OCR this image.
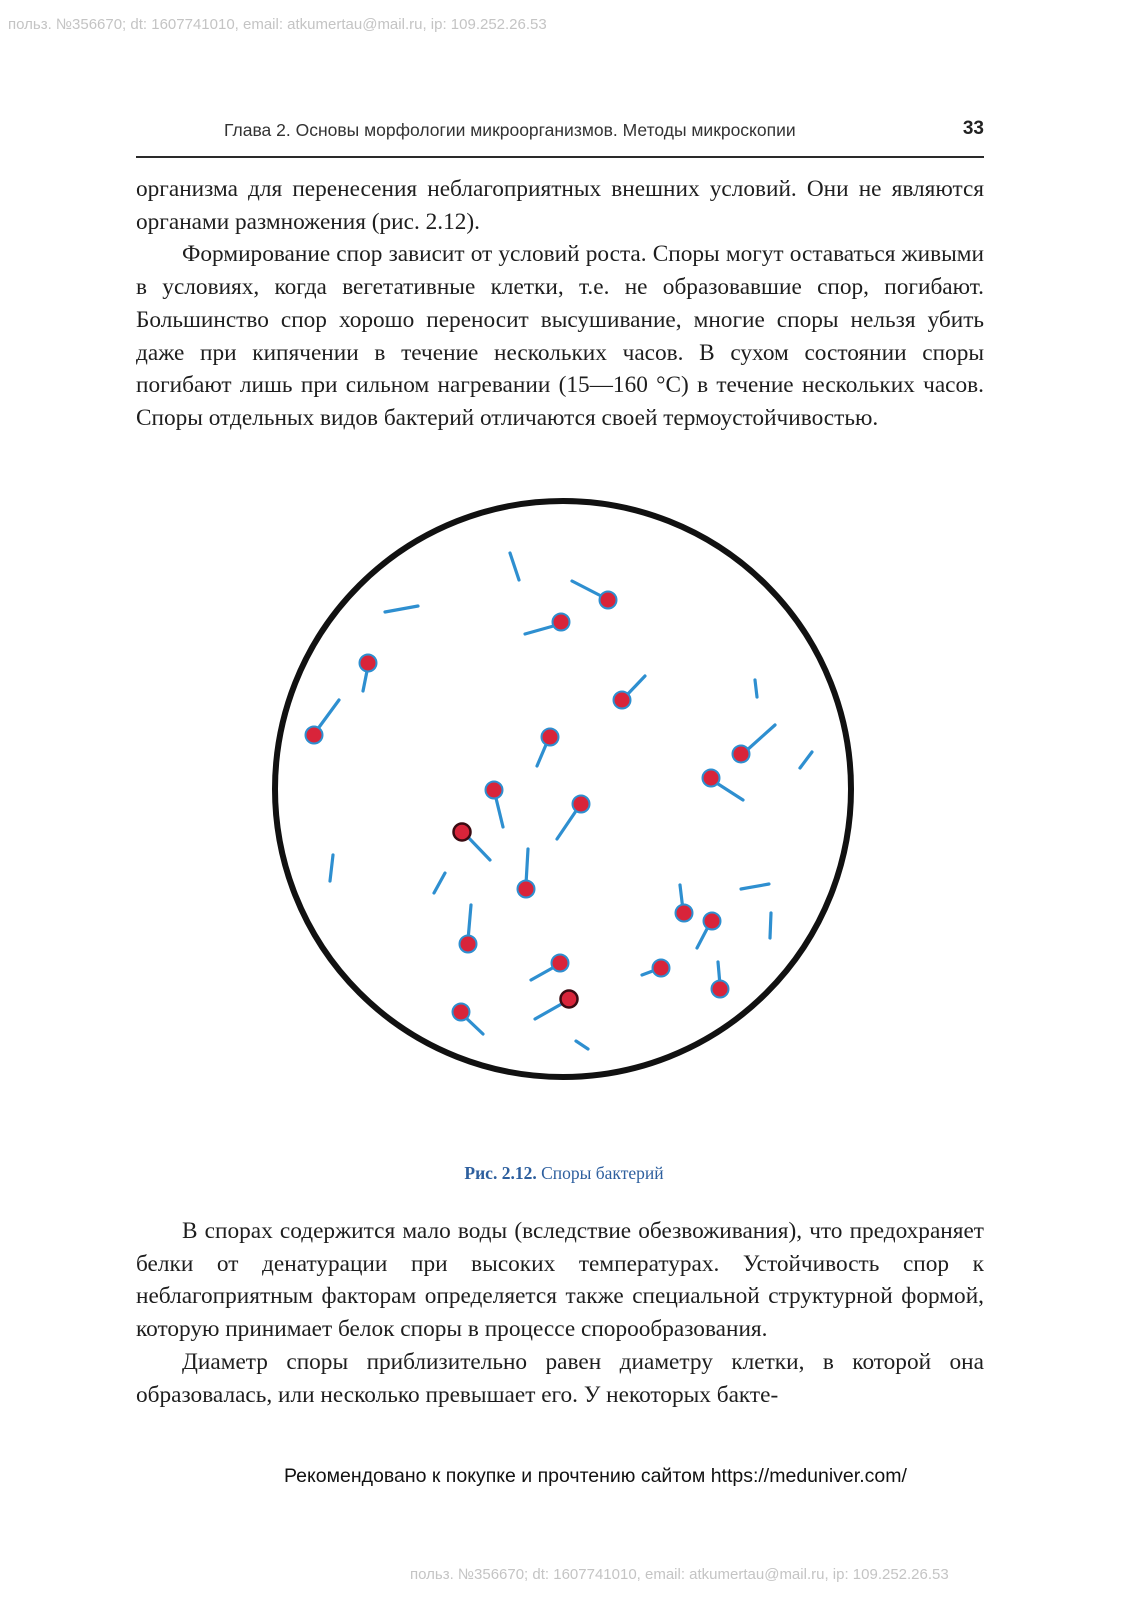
польз. №356670; dt: 1607741010, email: atkumertau@mail.ru, ip: 109.252.26.53
Глава 2. Основы морфологии микроорганизмов. Методы микроскопии	33

организма для перенесения неблагоприятных внешних условий. Они не являются органами размножения (рис. 2.12).

Формирование спор зависит от условий роста. Споры могут оставаться живыми в условиях, когда вегетативные клетки, т.е. не образовавшие спор, погибают. Большинство спор хорошо переносит высушивание, многие споры нельзя убить даже при кипячении в течение нескольких часов. В сухом состоянии споры погибают лишь при сильном нагревании (15—160 °С) в течение нескольких часов. Споры отдельных видов бактерий отличаются своей термоустойчивостью.

Рис. 2.12. Споры бактерий

В спорах содержится мало воды (вследствие обезвоживания), что предохраняет белки от денатурации при высоких температурах. Устойчивость спор к неблагоприятным факторам определяется также специальной структурной формой, которую принимает белок споры в процессе спорообразования.

Диаметр споры приблизительно равен диаметру клетки, в которой она образовалась, или несколько превышает его. У некоторых бакте-

Рекомендовано к покупке и прочтению сайтом https://meduniver.com/
польз. №356670; dt: 1607741010, email: atkumertau@mail.ru, ip: 109.252.26.53
